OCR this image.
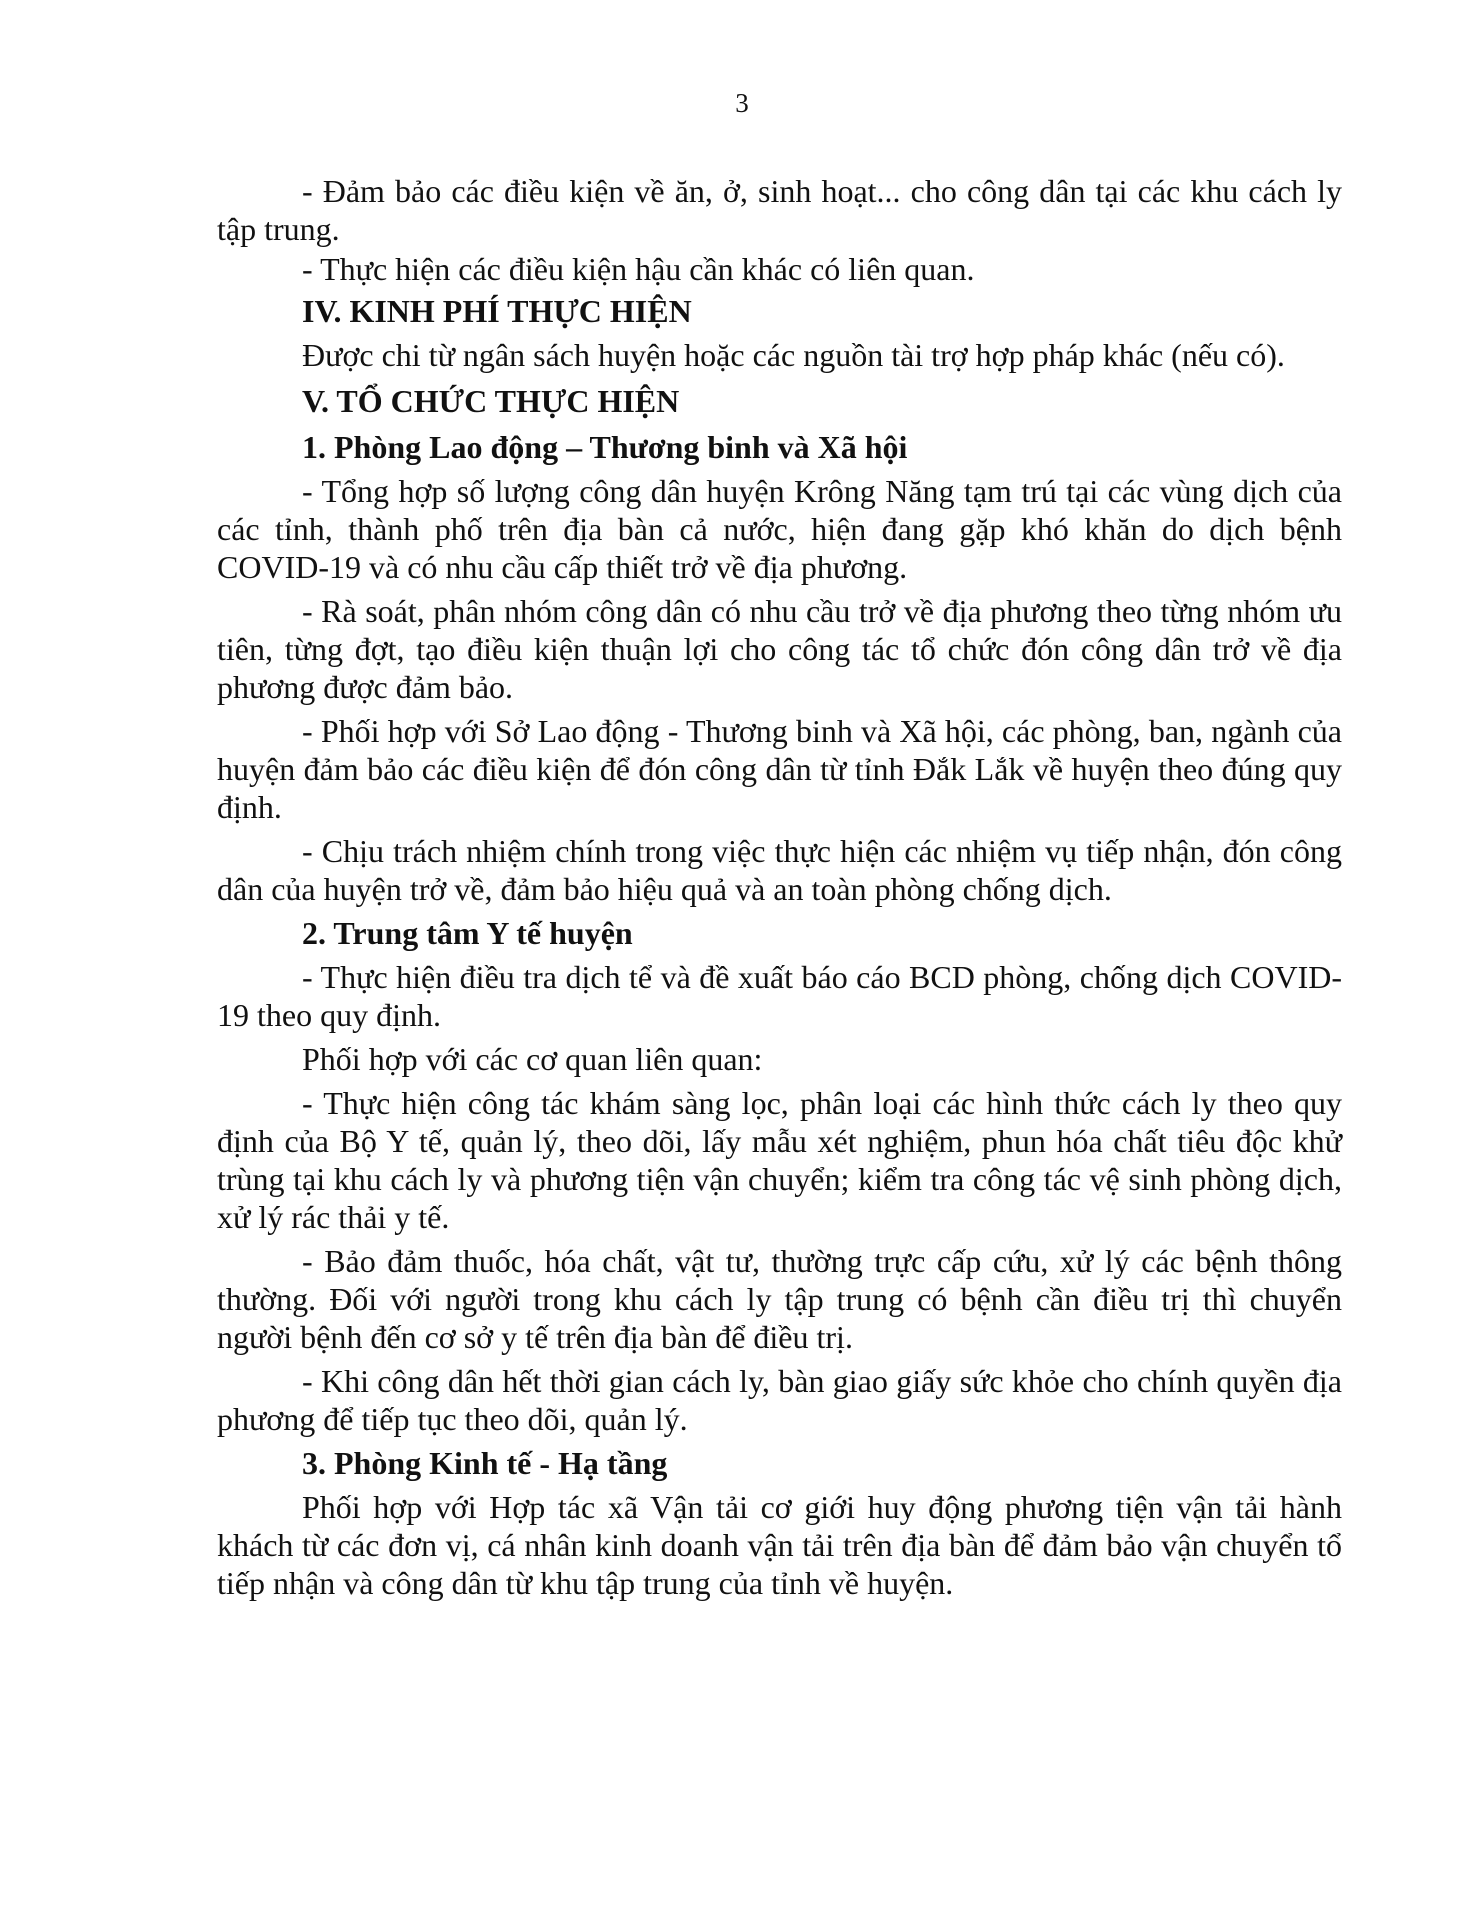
3

- Đảm bảo các điều kiện về ăn, ở, sinh hoạt... cho công dân tại các khu cách ly tập trung.

- Thực hiện các điều kiện hậu cần khác có liên quan.

IV. KINH PHÍ THỰC HIỆN

Được chi từ ngân sách huyện hoặc các nguồn tài trợ hợp pháp khác (nếu có).

V. TỔ CHỨC THỰC HIỆN

1. Phòng Lao động – Thương binh và Xã hội

- Tổng hợp số lượng công dân huyện Krông Năng tạm trú tại các vùng dịch của các tỉnh, thành phố trên địa bàn cả nước, hiện đang gặp khó khăn do dịch bệnh COVID-19 và có nhu cầu cấp thiết trở về địa phương.

- Rà soát, phân nhóm công dân có nhu cầu trở về địa phương theo từng nhóm ưu tiên, từng đợt, tạo điều kiện thuận lợi cho công tác tổ chức đón công dân trở về địa phương được đảm bảo.

- Phối hợp với Sở Lao động - Thương binh và Xã hội, các phòng, ban, ngành của huyện đảm bảo các điều kiện để đón công dân từ tỉnh Đắk Lắk về huyện theo đúng quy định.

- Chịu trách nhiệm chính trong việc thực hiện các nhiệm vụ tiếp nhận, đón công dân của huyện trở về, đảm bảo hiệu quả và an toàn phòng chống dịch.

2. Trung tâm Y tế huyện

- Thực hiện điều tra dịch tể và đề xuất báo cáo BCD phòng, chống dịch COVID-19 theo quy định.

Phối hợp với các cơ quan liên quan:

- Thực hiện công tác khám sàng lọc, phân loại các hình thức cách ly theo quy định của Bộ Y tế, quản lý, theo dõi, lấy mẫu xét nghiệm, phun hóa chất tiêu độc khử trùng tại khu cách ly và phương tiện vận chuyển; kiểm tra công tác vệ sinh phòng dịch, xử lý rác thải y tế.

- Bảo đảm thuốc, hóa chất, vật tư, thường trực cấp cứu, xử lý các bệnh thông thường. Đối với người trong khu cách ly tập trung có bệnh cần điều trị thì chuyển người bệnh đến cơ sở y tế trên địa bàn để điều trị.

- Khi công dân hết thời gian cách ly, bàn giao giấy sức khỏe cho chính quyền địa phương để tiếp tục theo dõi, quản lý.

3. Phòng Kinh tế - Hạ tầng

Phối hợp với Hợp tác xã Vận tải cơ giới huy động phương tiện vận tải hành khách từ các đơn vị, cá nhân kinh doanh vận tải trên địa bàn để đảm bảo vận chuyển tổ tiếp nhận và công dân từ khu tập trung của tỉnh về huyện.
